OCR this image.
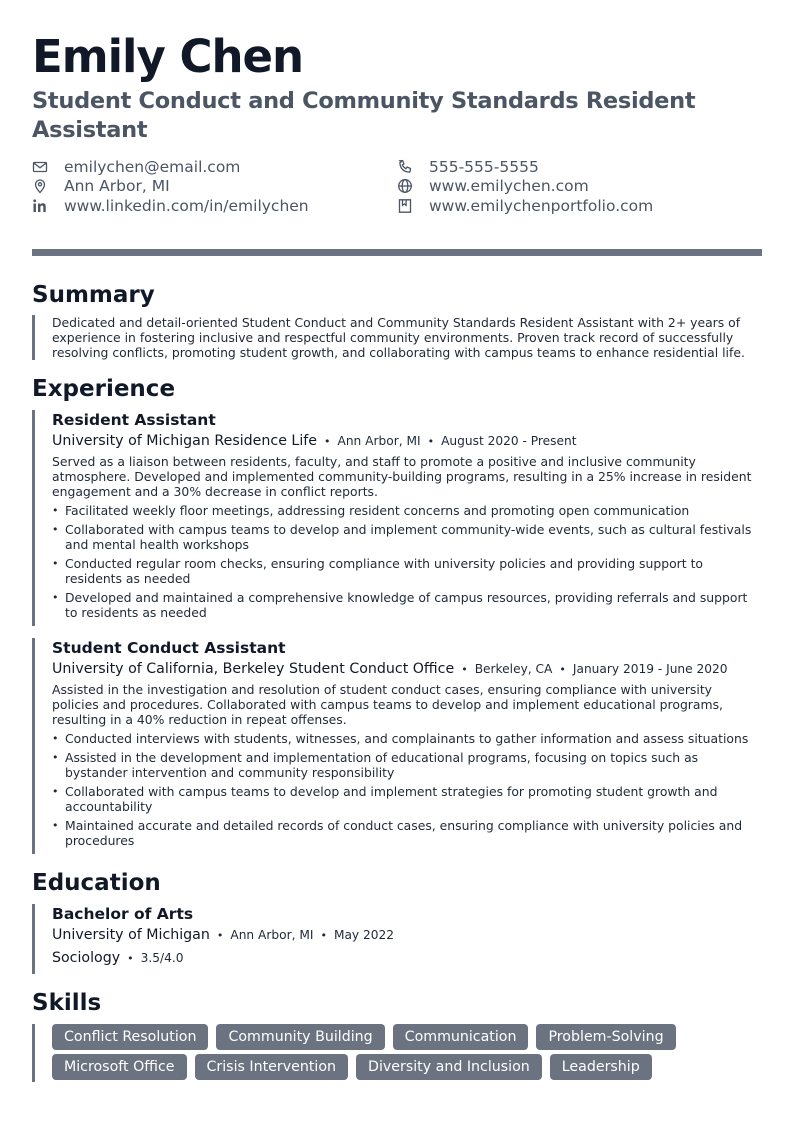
Emily Chen
Student Conduct and Community Standards Resident Assistant
emilychen@email.com	555-555-5555
Ann Arbor, MI	www.emilychen.com
www.linkedin.com/in/emilychen	www.emilychenportfolio.com
Summary
Dedicated and detail-oriented Student Conduct and Community Standards Resident Assistant with 2+ years of experience in fostering inclusive and respectful community environments. Proven track record of successfully resolving conflicts, promoting student growth, and collaborating with campus teams to enhance residential life.
Experience
Resident Assistant
University of Michigan Residence Life • Ann Arbor, MI • August 2020 - Present
Served as a liaison between residents, faculty, and staff to promote a positive and inclusive community atmosphere. Developed and implemented community-building programs, resulting in a 25% increase in resident engagement and a 30% decrease in conflict reports.
• Facilitated weekly floor meetings, addressing resident concerns and promoting open communication
• Collaborated with campus teams to develop and implement community-wide events, such as cultural festivals and mental health workshops
• Conducted regular room checks, ensuring compliance with university policies and providing support to residents as needed
• Developed and maintained a comprehensive knowledge of campus resources, providing referrals and support to residents as needed
Student Conduct Assistant
University of California, Berkeley Student Conduct Office • Berkeley, CA • January 2019 - June 2020
Assisted in the investigation and resolution of student conduct cases, ensuring compliance with university policies and procedures. Collaborated with campus teams to develop and implement educational programs, resulting in a 40% reduction in repeat offenses.
• Conducted interviews with students, witnesses, and complainants to gather information and assess situations
• Assisted in the development and implementation of educational programs, focusing on topics such as bystander intervention and community responsibility
• Collaborated with campus teams to develop and implement strategies for promoting student growth and accountability
• Maintained accurate and detailed records of conduct cases, ensuring compliance with university policies and procedures
Education
Bachelor of Arts
University of Michigan • Ann Arbor, MI • May 2022
Sociology • 3.5/4.0
Skills
Conflict Resolution	Community Building	Communication	Problem-Solving
Microsoft Office	Crisis Intervention	Diversity and Inclusion	Leadership
